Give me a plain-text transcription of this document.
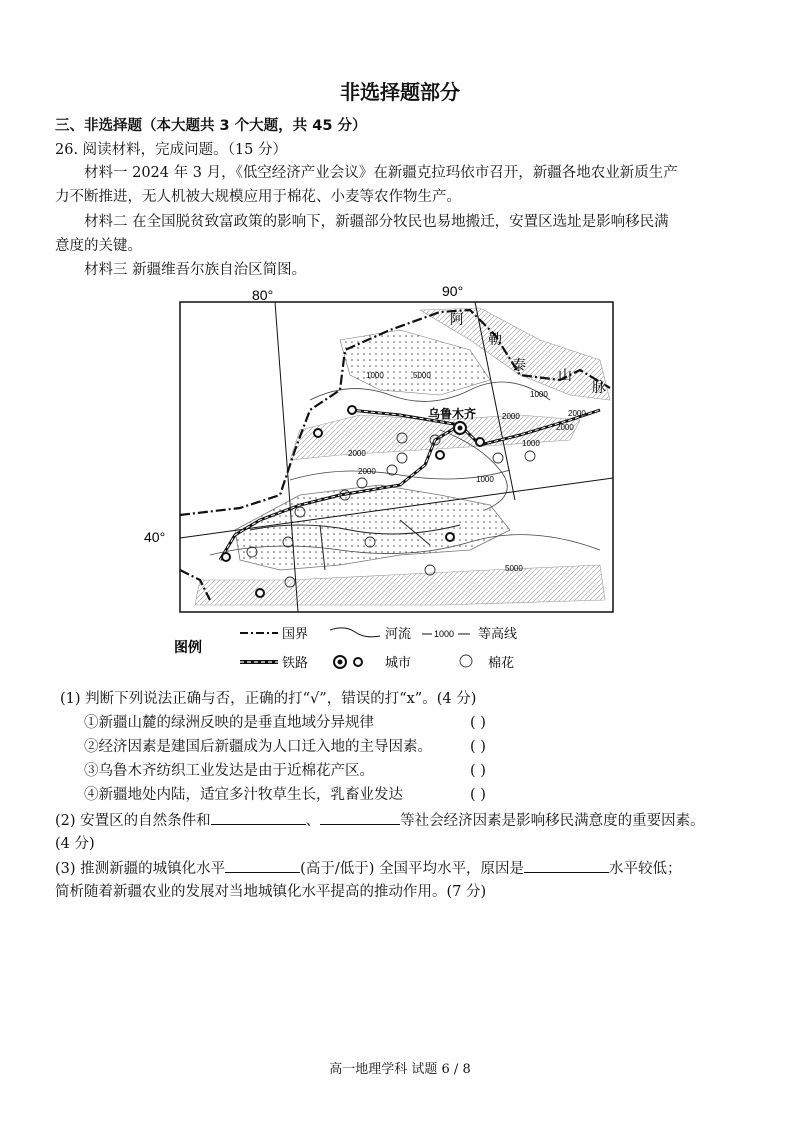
非选择题部分
三、非选择题（本大题共 3 个大题，共 45 分）
26. 阅读材料，完成问题。（15 分）
材料一 2024 年 3 月，《低空经济产业会议》在新疆克拉玛依市召开，新疆各地农业新质生产
力不断推进，无人机被大规模应用于棉花、小麦等农作物生产。
材料二 在全国脱贫致富政策的影响下，新疆部分牧民也易地搬迁，安置区选址是影响移民满
意度的关键。
材料三 新疆维吾尔族自治区简图。
80°	90°
40°
阿
勒
泰
山
脉
乌鲁木齐
1000	5000
2000
1000
2000
2000
1000
2000
1000
2000
5000
图例
国界	河流	1000 等高线
铁路	城市	棉花
(1) 判断下列说法正确与否，正确的打“√”，错误的打“x”。(4 分)
①新疆山麓的绿洲反映的是垂直地域分异规律
②经济因素是建国后新疆成为人口迁入地的主导因素。
③乌鲁木齐纺织工业发达是由于近棉花产区。
④新疆地处内陆，适宜多汁牧草生长，乳畜业发达
( )
( )
( )
( )
(2) 安置区的自然条件和	、	等社会经济因素是影响移民满意度的重要因素。
(4 分)
(3) 推测新疆的城镇化水平	(高于/低于) 全国平均水平，原因是	水平较低；
简析随着新疆农业的发展对当地城镇化水平提高的推动作用。(7 分)
高一地理学科 试题 6 / 8
